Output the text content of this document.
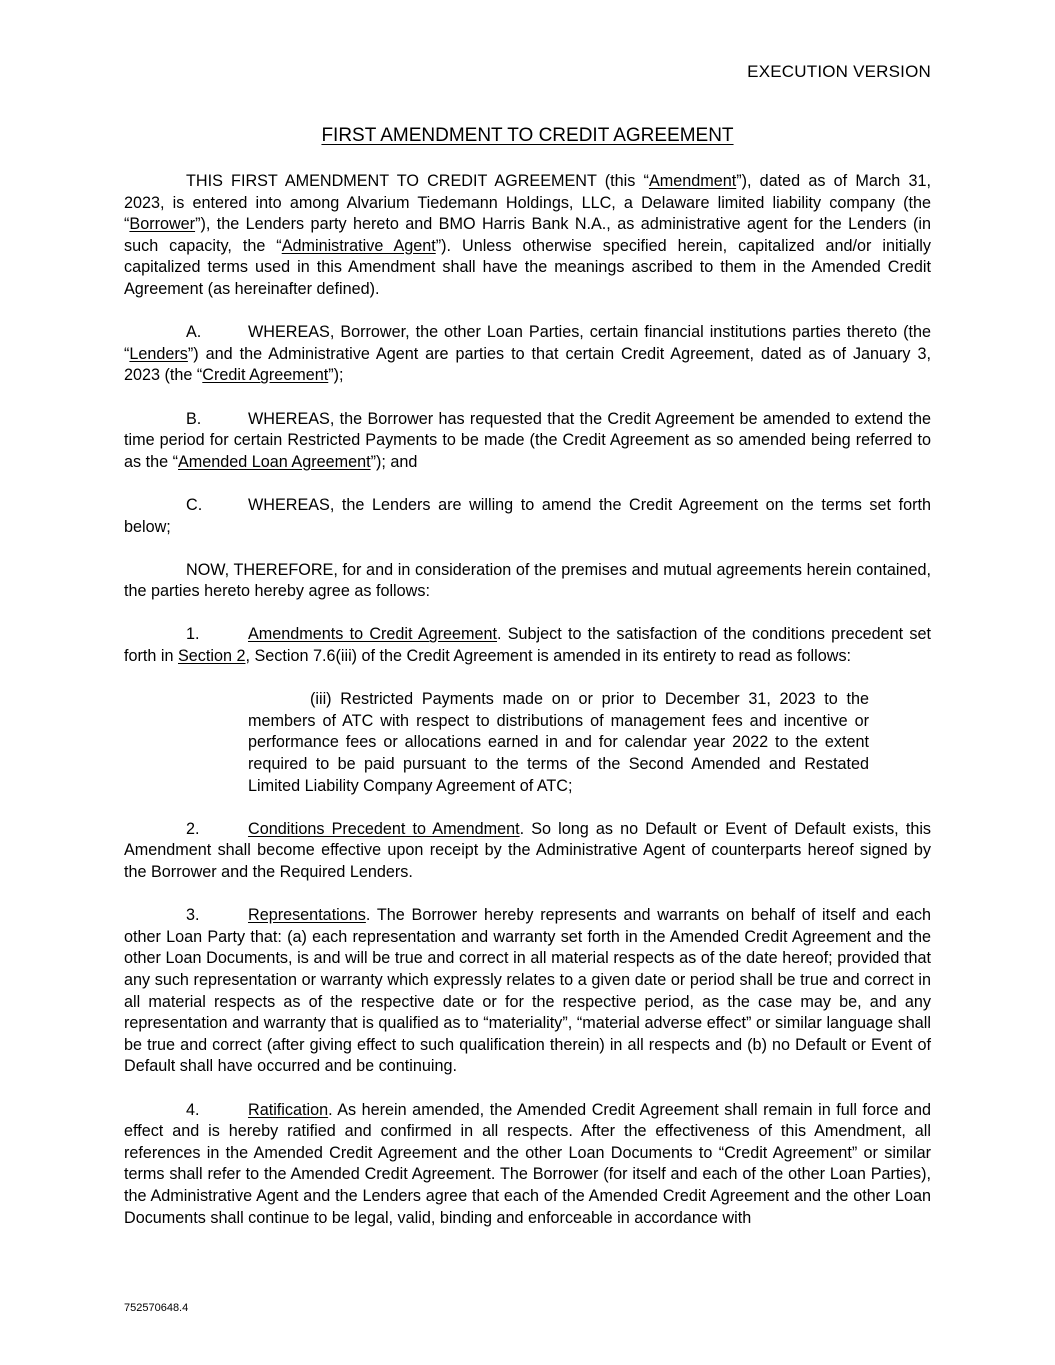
EXECUTION VERSION
FIRST AMENDMENT TO CREDIT AGREEMENT

THIS FIRST AMENDMENT TO CREDIT AGREEMENT (this “Amendment”), dated as of March 31, 2023, is entered into among Alvarium Tiedemann Holdings, LLC, a Delaware limited liability company (the “Borrower”), the Lenders party hereto and BMO Harris Bank N.A., as administrative agent for the Lenders (in such capacity, the “Administrative Agent”). Unless otherwise specified herein, capitalized and/or initially capitalized terms used in this Amendment shall have the meanings ascribed to them in the Amended Credit Agreement (as hereinafter defined).

A.	WHEREAS, Borrower, the other Loan Parties, certain financial institutions parties thereto (the “Lenders”) and the Administrative Agent are parties to that certain Credit Agreement, dated as of January 3, 2023 (the “Credit Agreement”);

B.	WHEREAS, the Borrower has requested that the Credit Agreement be amended to extend the time period for certain Restricted Payments to be made (the Credit Agreement as so amended being referred to as the “Amended Loan Agreement”); and

C.	WHEREAS, the Lenders are willing to amend the Credit Agreement on the terms set forth below;

NOW, THEREFORE, for and in consideration of the premises and mutual agreements herein contained, the parties hereto hereby agree as follows:

1.	Amendments to Credit Agreement. Subject to the satisfaction of the conditions precedent set forth in Section 2, Section 7.6(iii) of the Credit Agreement is amended in its entirety to read as follows:

(iii) Restricted Payments made on or prior to December 31, 2023 to the members of ATC with respect to distributions of management fees and incentive or performance fees or allocations earned in and for calendar year 2022 to the extent required to be paid pursuant to the terms of the Second Amended and Restated Limited Liability Company Agreement of ATC;

2.	Conditions Precedent to Amendment. So long as no Default or Event of Default exists, this Amendment shall become effective upon receipt by the Administrative Agent of counterparts hereof signed by the Borrower and the Required Lenders.

3.	Representations. The Borrower hereby represents and warrants on behalf of itself and each other Loan Party that: (a) each representation and warranty set forth in the Amended Credit Agreement and the other Loan Documents, is and will be true and correct in all material respects as of the date hereof; provided that any such representation or warranty which expressly relates to a given date or period shall be true and correct in all material respects as of the respective date or for the respective period, as the case may be, and any representation and warranty that is qualified as to “materiality”, “material adverse effect” or similar language shall be true and correct (after giving effect to such qualification therein) in all respects and (b) no Default or Event of Default shall have occurred and be continuing.

4.	Ratification. As herein amended, the Amended Credit Agreement shall remain in full force and effect and is hereby ratified and confirmed in all respects. After the effectiveness of this Amendment, all references in the Amended Credit Agreement and the other Loan Documents to “Credit Agreement” or similar terms shall refer to the Amended Credit Agreement. The Borrower (for itself and each of the other Loan Parties), the Administrative Agent and the Lenders agree that each of the Amended Credit Agreement and the other Loan Documents shall continue to be legal, valid, binding and enforceable in accordance with

752570648.4
